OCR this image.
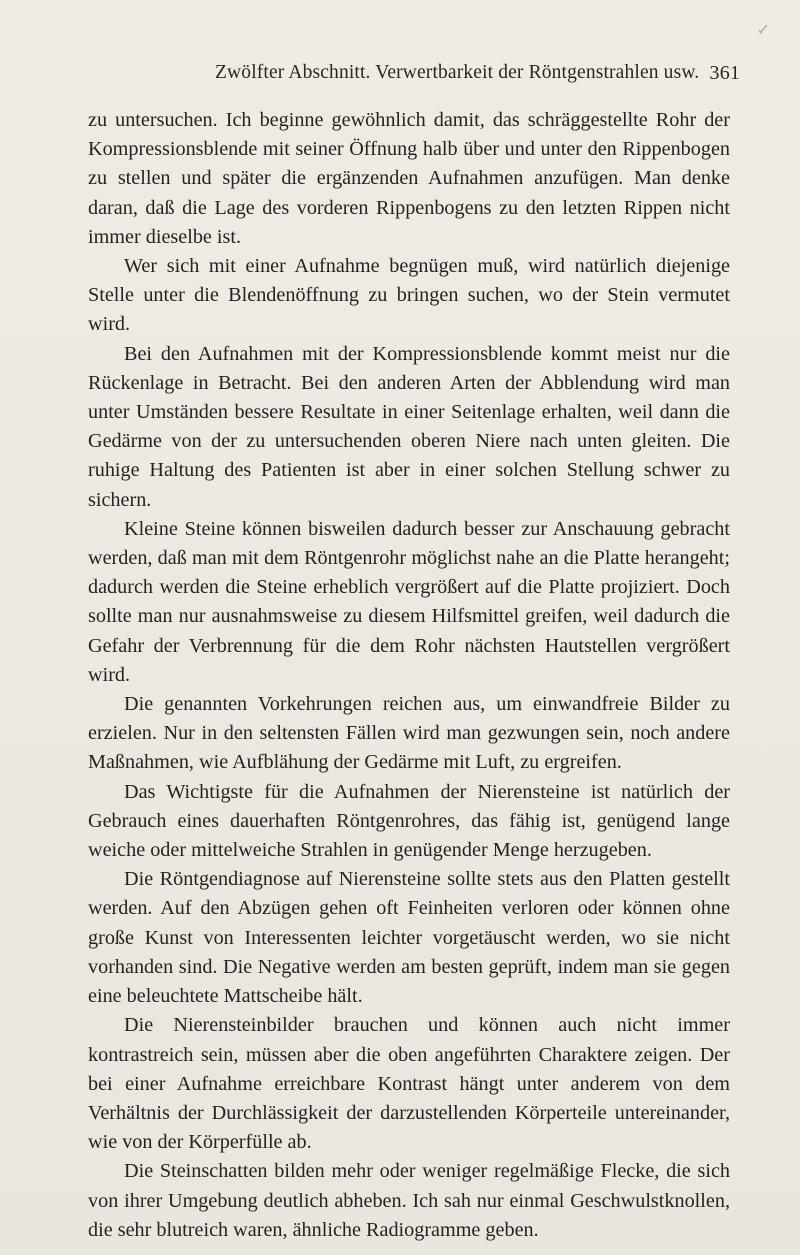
✓
Zwölfter Abschnitt. Verwertbarkeit der Röntgenstrahlen usw. 361

zu untersuchen. Ich beginne gewöhnlich damit, das schräggestellte Rohr der Kompressionsblende mit seiner Öffnung halb über und unter den Rippenbogen zu stellen und später die ergänzenden Aufnahmen anzufügen. Man denke daran, daß die Lage des vorderen Rippenbogens zu den letzten Rippen nicht immer dieselbe ist.

Wer sich mit einer Aufnahme begnügen muß, wird natürlich diejenige Stelle unter die Blendenöffnung zu bringen suchen, wo der Stein vermutet wird.

Bei den Aufnahmen mit der Kompressionsblende kommt meist nur die Rückenlage in Betracht. Bei den anderen Arten der Abblendung wird man unter Umständen bessere Resultate in einer Seitenlage erhalten, weil dann die Gedärme von der zu untersuchenden oberen Niere nach unten gleiten. Die ruhige Haltung des Patienten ist aber in einer solchen Stellung schwer zu sichern.

Kleine Steine können bisweilen dadurch besser zur Anschauung gebracht werden, daß man mit dem Röntgenrohr möglichst nahe an die Platte herangeht; dadurch werden die Steine erheblich vergrößert auf die Platte projiziert. Doch sollte man nur ausnahmsweise zu diesem Hilfsmittel greifen, weil dadurch die Gefahr der Verbrennung für die dem Rohr nächsten Hautstellen vergrößert wird.

Die genannten Vorkehrungen reichen aus, um einwandfreie Bilder zu erzielen. Nur in den seltensten Fällen wird man gezwungen sein, noch andere Maßnahmen, wie Aufblähung der Gedärme mit Luft, zu ergreifen.

Das Wichtigste für die Aufnahmen der Nierensteine ist natürlich der Gebrauch eines dauerhaften Röntgenrohres, das fähig ist, genügend lange weiche oder mittelweiche Strahlen in genügender Menge herzugeben.

Die Röntgendiagnose auf Nierensteine sollte stets aus den Platten gestellt werden. Auf den Abzügen gehen oft Feinheiten verloren oder können ohne große Kunst von Interessenten leichter vorgetäuscht werden, wo sie nicht vorhanden sind. Die Negative werden am besten geprüft, indem man sie gegen eine beleuchtete Mattscheibe hält.

Die Nierensteinbilder brauchen und können auch nicht immer kontrastreich sein, müssen aber die oben angeführten Charaktere zeigen. Der bei einer Aufnahme erreichbare Kontrast hängt unter anderem von dem Verhältnis der Durchlässigkeit der darzustellenden Körperteile untereinander, wie von der Körperfülle ab.

Die Steinschatten bilden mehr oder weniger regelmäßige Flecke, die sich von ihrer Umgebung deutlich abheben. Ich sah nur einmal Geschwulstknollen, die sehr blutreich waren, ähnliche Radiogramme geben.
